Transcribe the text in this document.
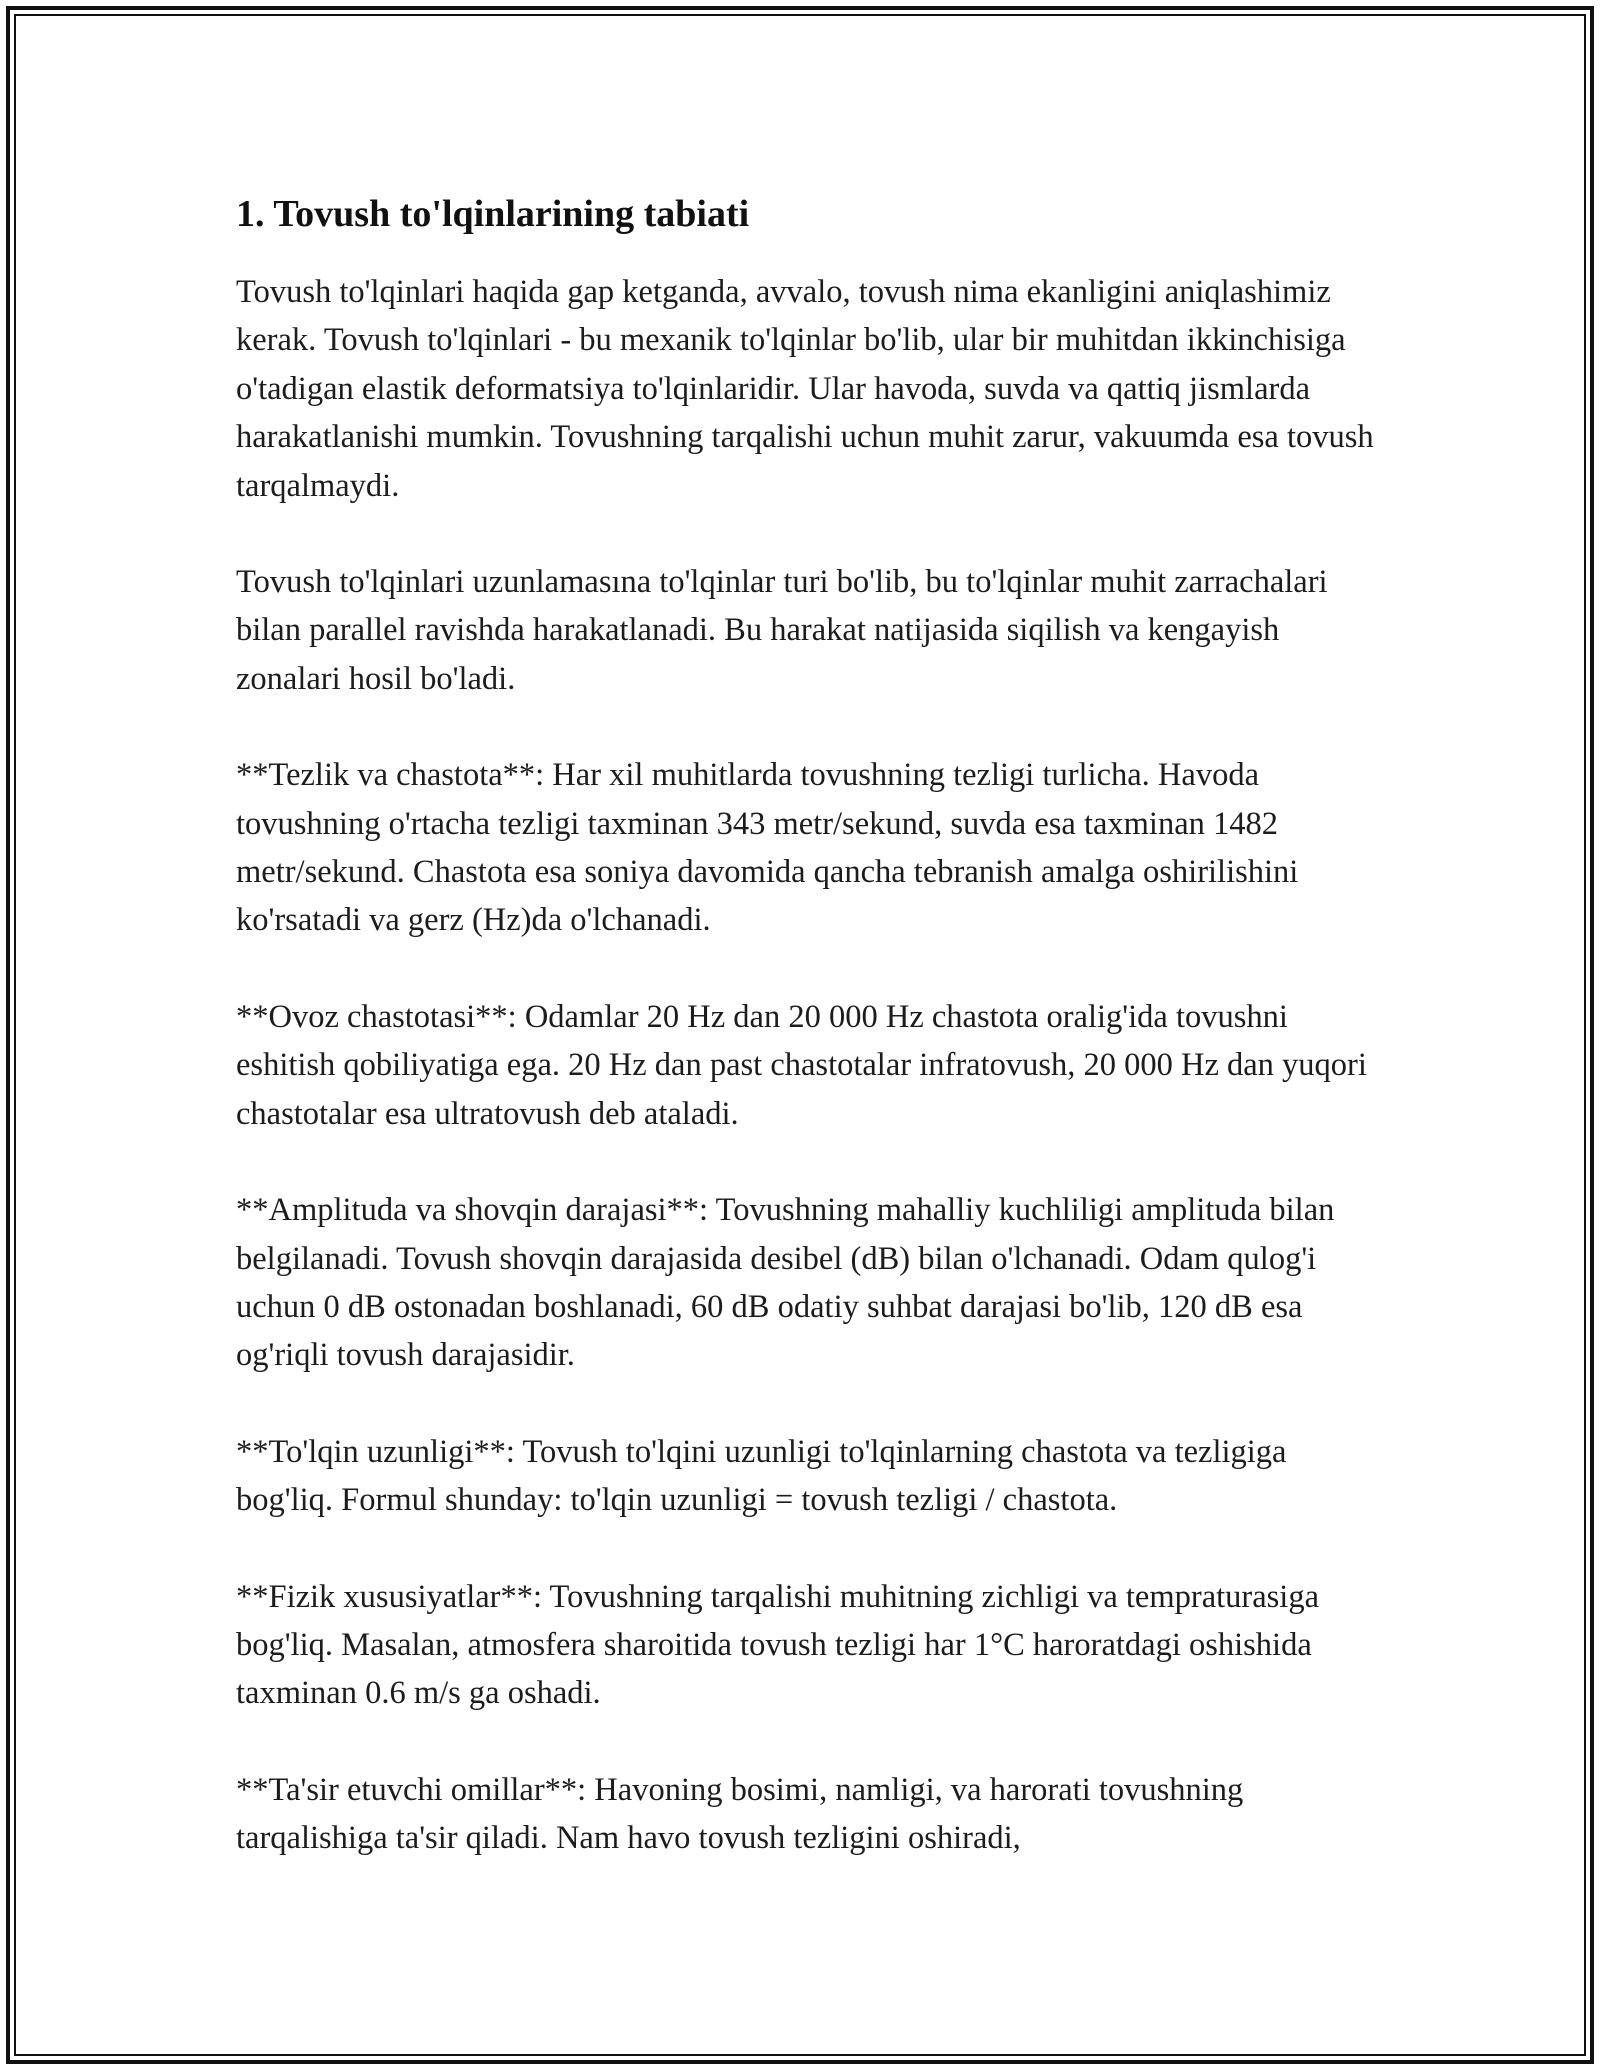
1. Tovush to'lqinlarining tabiati

Tovush to'lqinlari haqida gap ketganda, avvalo, tovush nima ekanligini aniqlashimiz kerak. Tovush to'lqinlari - bu mexanik to'lqinlar bo'lib, ular bir muhitdan ikkinchisiga o'tadigan elastik deformatsiya to'lqinlaridir. Ular havoda, suvda va qattiq jismlarda harakatlanishi mumkin. Tovushning tarqalishi uchun muhit zarur, vakuumda esa tovush tarqalmaydi.

Tovush to'lqinlari uzunlamasına to'lqinlar turi bo'lib, bu to'lqinlar muhit zarrachalari bilan parallel ravishda harakatlanadi. Bu harakat natijasida siqilish va kengayish zonalari hosil bo'ladi.

**Tezlik va chastota**: Har xil muhitlarda tovushning tezligi turlicha. Havoda tovushning o'rtacha tezligi taxminan 343 metr/sekund, suvda esa taxminan 1482 metr/sekund. Chastota esa soniya davomida qancha tebranish amalga oshirilishini ko'rsatadi va gerz (Hz)da o'lchanadi.

**Ovoz chastotasi**: Odamlar 20 Hz dan 20 000 Hz chastota oralig'ida tovushni eshitish qobiliyatiga ega. 20 Hz dan past chastotalar infratovush, 20 000 Hz dan yuqori chastotalar esa ultratovush deb ataladi.

**Amplituda va shovqin darajasi**: Tovushning mahalliy kuchliligi amplituda bilan belgilanadi. Tovush shovqin darajasida desibel (dB) bilan o'lchanadi. Odam qulog'i uchun 0 dB ostonadan boshlanadi, 60 dB odatiy suhbat darajasi bo'lib, 120 dB esa og'riqli tovush darajasidir.

**To'lqin uzunligi**: Tovush to'lqini uzunligi to'lqinlarning chastota va tezligiga bog'liq. Formul shunday: to'lqin uzunligi = tovush tezligi / chastota.

**Fizik xususiyatlar**: Tovushning tarqalishi muhitning zichligi va tempraturasiga bog'liq. Masalan, atmosfera sharoitida tovush tezligi har 1°C haroratdagi oshishida taxminan 0.6 m/s ga oshadi.

**Ta'sir etuvchi omillar**: Havoning bosimi, namligi, va harorati tovushning tarqalishiga ta'sir qiladi. Nam havo tovush tezligini oshiradi,
